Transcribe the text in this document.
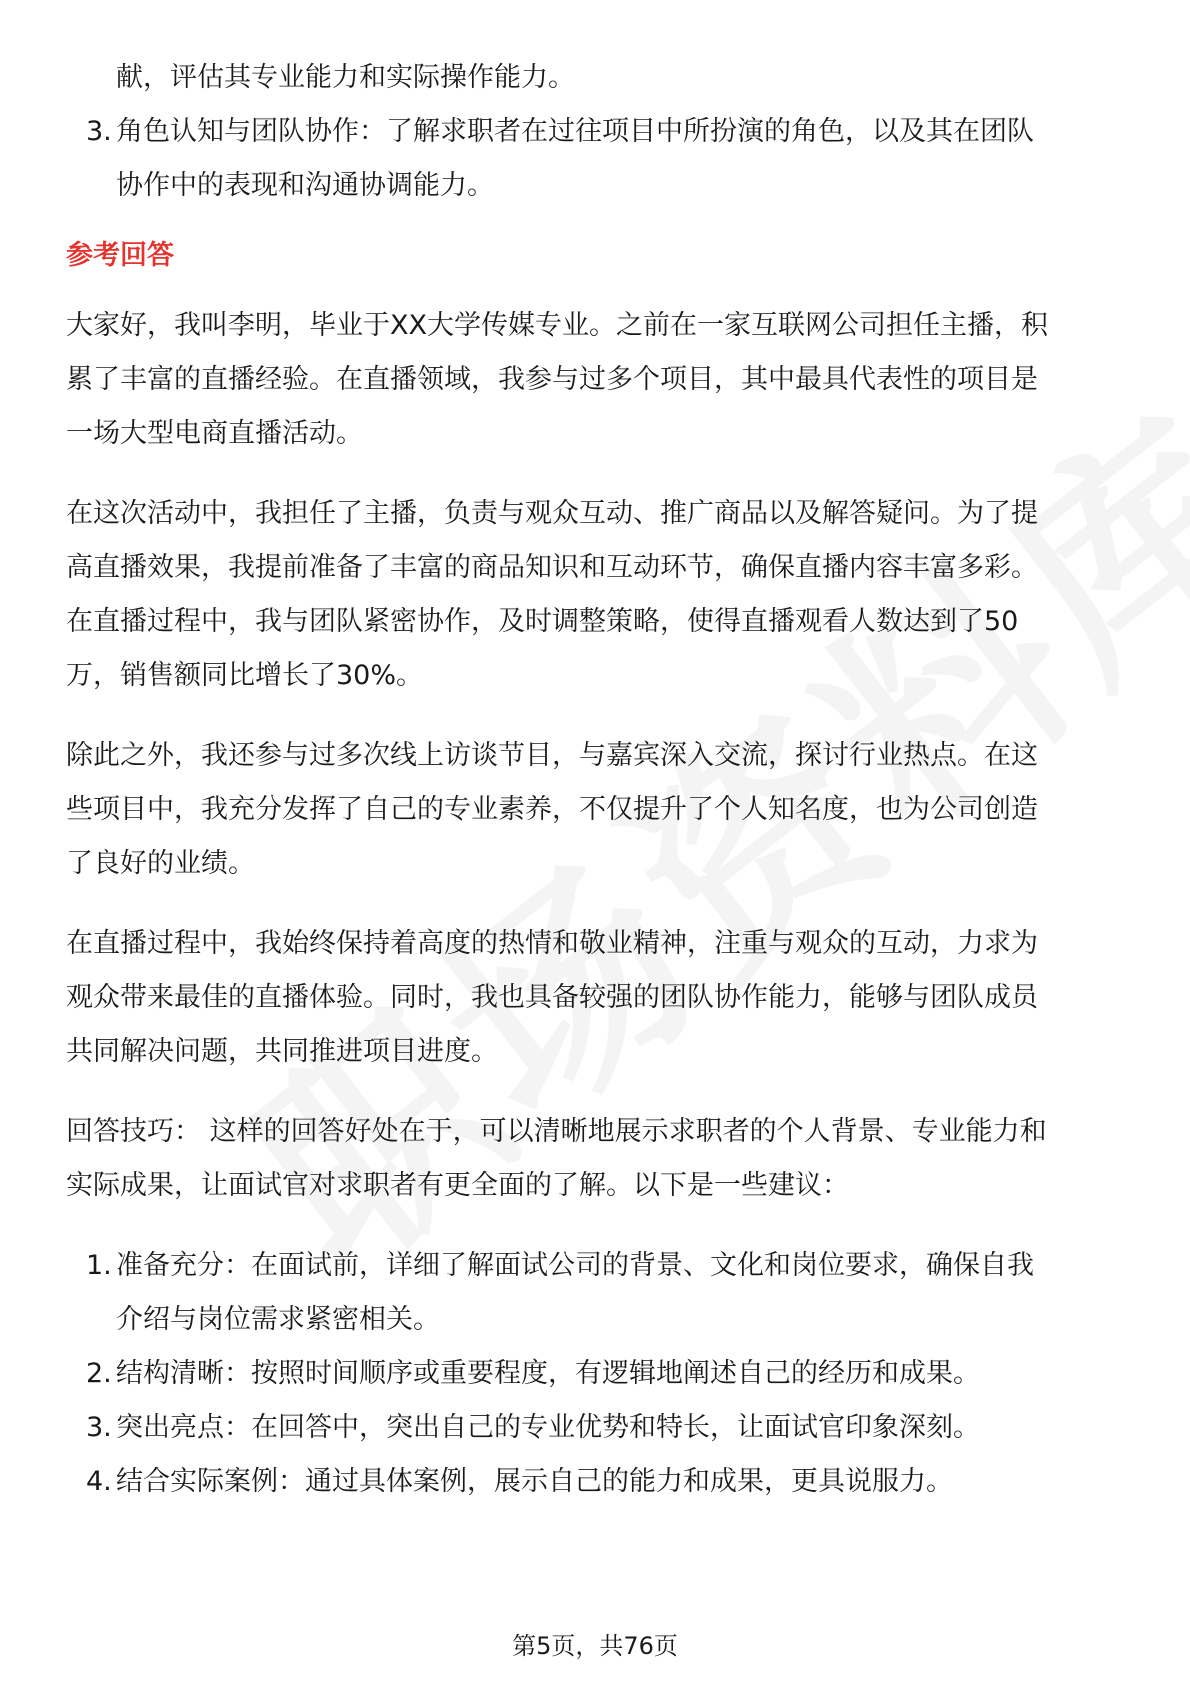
献，评估其专业能力和实际操作能力。
3. 角色认知与团队协作：了解求职者在过往项目中所扮演的角色，以及其在团队
协作中的表现和沟通协调能力。
参考回答
大家好，我叫李明，毕业于XX大学传媒专业。之前在一家互联网公司担任主播，积
累了丰富的直播经验。在直播领域，我参与过多个项目，其中最具代表性的项目是
一场大型电商直播活动。
在这次活动中，我担任了主播，负责与观众互动、推广商品以及解答疑问。为了提
高直播效果，我提前准备了丰富的商品知识和互动环节，确保直播内容丰富多彩。
在直播过程中，我与团队紧密协作，及时调整策略，使得直播观看人数达到了50
万，销售额同比增长了30%。
除此之外，我还参与过多次线上访谈节目，与嘉宾深入交流，探讨行业热点。在这
些项目中，我充分发挥了自己的专业素养，不仅提升了个人知名度，也为公司创造
了良好的业绩。
在直播过程中，我始终保持着高度的热情和敬业精神，注重与观众的互动，力求为
观众带来最佳的直播体验。同时，我也具备较强的团队协作能力，能够与团队成员
共同解决问题，共同推进项目进度。
回答技巧： 这样的回答好处在于，可以清晰地展示求职者的个人背景、专业能力和
实际成果，让面试官对求职者有更全面的了解。以下是一些建议：
1. 准备充分：在面试前，详细了解面试公司的背景、文化和岗位要求，确保自我
介绍与岗位需求紧密相关。
2. 结构清晰：按照时间顺序或重要程度，有逻辑地阐述自己的经历和成果。
3. 突出亮点：在回答中，突出自己的专业优势和特长，让面试官印象深刻。
4. 结合实际案例：通过具体案例，展示自己的能力和成果，更具说服力。
第5页，共76页
